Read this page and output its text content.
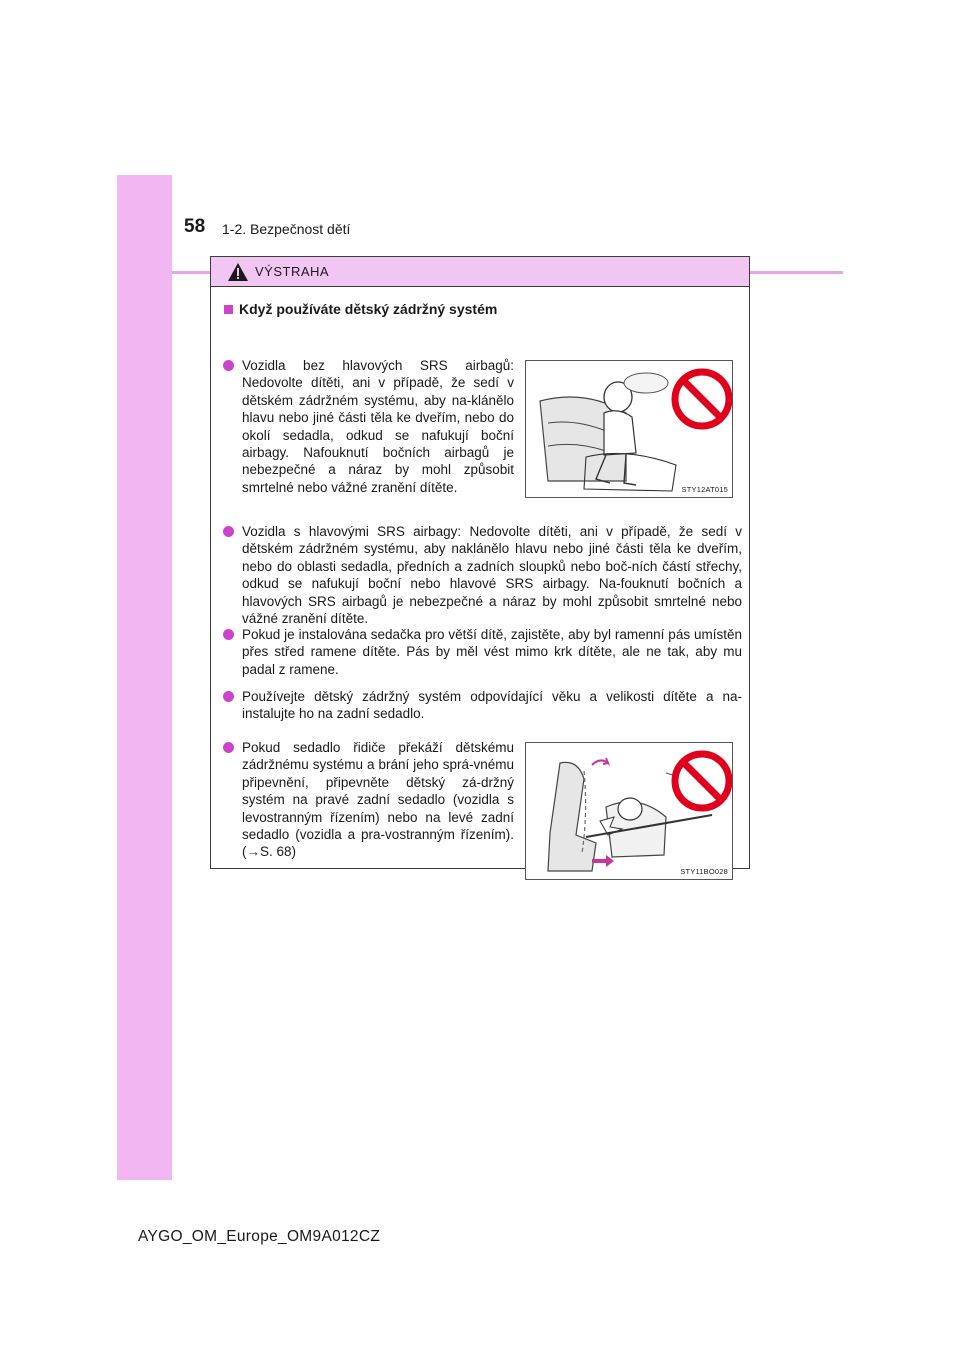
58 1-2. Bezpečnost dětí
VÝSTRAHA
Když používáte dětský zádržný systém
Vozidla bez hlavových SRS airbagů: Nedovolte dítěti, ani v případě, že sedí v dětském zádržném systému, aby na-klánělo hlavu nebo jiné části těla ke dveřím, nebo do okolí sedadla, odkud se nafukují boční airbagy. Nafouknutí bočních airbagů je nebezpečné a náraz by mohl způsobit smrtelné nebo vážné zranění dítěte.	STY12AT015
Vozidla s hlavovými SRS airbagy: Nedovolte dítěti, ani v případě, že sedí v dětském zádržném systému, aby naklánělo hlavu nebo jiné části těla ke dveřím, nebo do oblasti sedadla, předních a zadních sloupků nebo boč-ních částí střechy, odkud se nafukují boční nebo hlavové SRS airbagy. Na-fouknutí bočních a hlavových SRS airbagů je nebezpečné a náraz by mohl způsobit smrtelné nebo vážné zranění dítěte.
Pokud je instalována sedačka pro větší dítě, zajistěte, aby byl ramenní pás umístěn přes střed ramene dítěte. Pás by měl vést mimo krk dítěte, ale ne tak, aby mu padal z ramene.
Používejte dětský zádržný systém odpovídající věku a velikosti dítěte a na-instalujte ho na zadní sedadlo.
Pokud sedadlo řidiče překáží dětskému zádržnému systému a brání jeho sprá-vnému připevnění, připevněte dětský zá-držný systém na pravé zadní sedadlo (vozidla s levostranným řízením) nebo na levé zadní sedadlo (vozidla a pra-vostranným řízením). (→S. 68)
STY11BO028
AYGO_OM_Europe_OM9A012CZ
